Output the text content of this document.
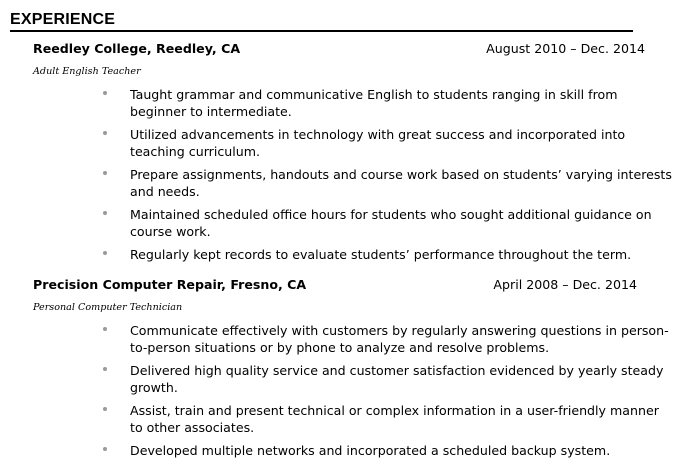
EXPERIENCE
Reedley College, Reedley, CA	August 2010 – Dec. 2014
Adult English Teacher
Taught grammar and communicative English to students ranging in skill from beginner to intermediate.
Utilized advancements in technology with great success and incorporated into teaching curriculum.
Prepare assignments, handouts and course work based on students’ varying interests and needs.
Maintained scheduled office hours for students who sought additional guidance on course work.
Regularly kept records to evaluate students’ performance throughout the term.
Precision Computer Repair, Fresno, CA	April 2008 – Dec. 2014
Personal Computer Technician
Communicate effectively with customers by regularly answering questions in person-to-person situations or by phone to analyze and resolve problems.
Delivered high quality service and customer satisfaction evidenced by yearly steady growth.
Assist, train and present technical or complex information in a user-friendly manner to other associates.
Developed multiple networks and incorporated a scheduled backup system.
